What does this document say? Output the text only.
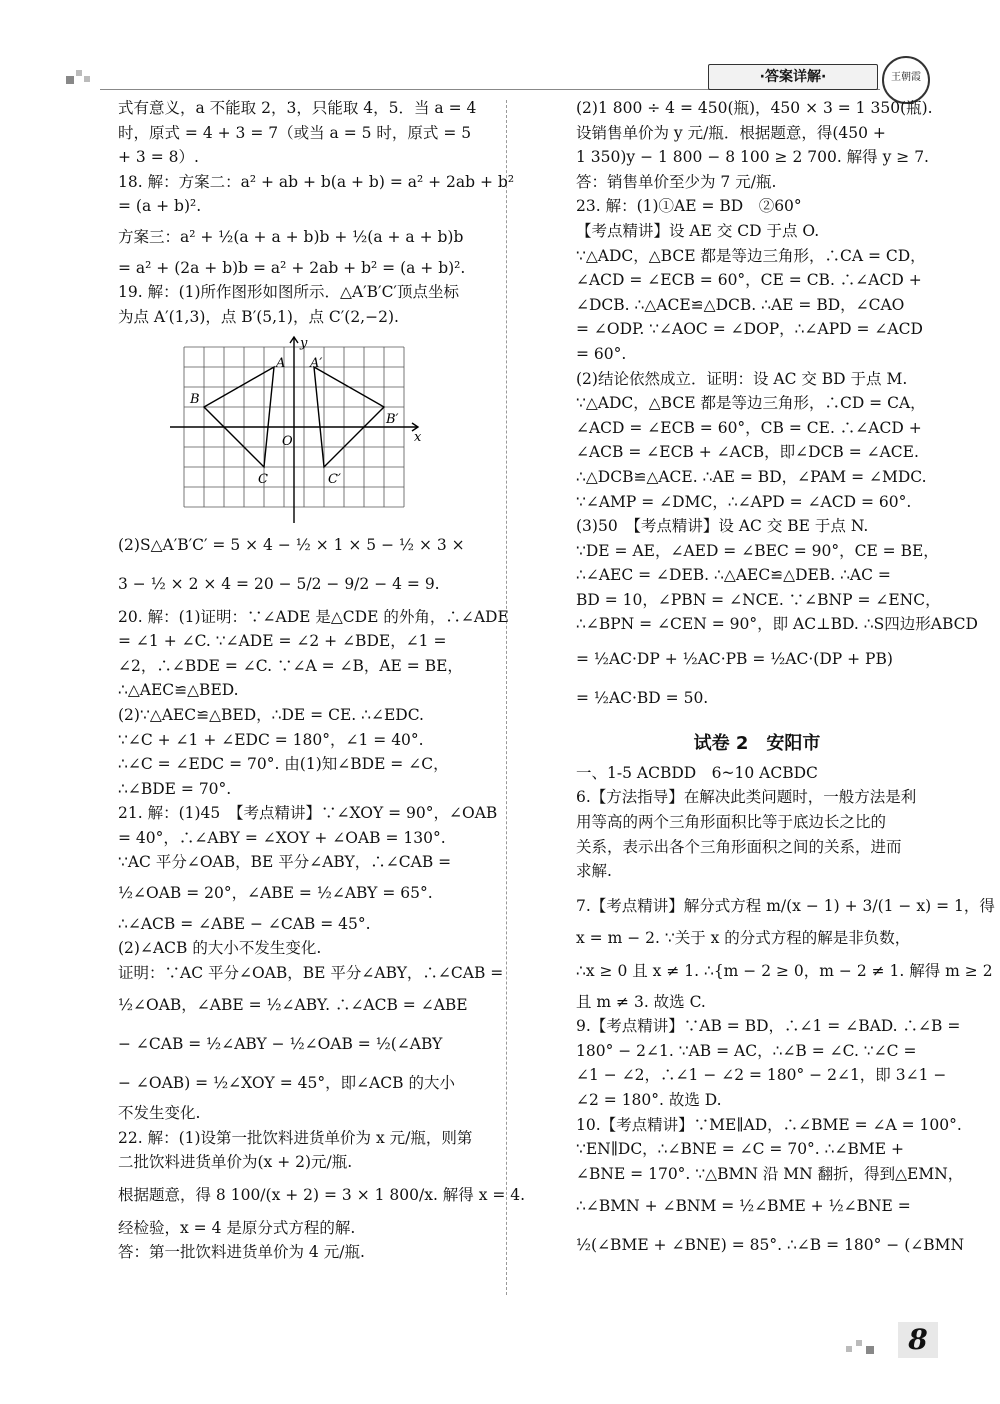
·答案详解·	王朝霞
式有意义，a 不能取 2，3，只能取 4，5．当 a = 4
时，原式 = 4 + 3 = 7（或当 a = 5 时，原式 = 5
+ 3 = 8）.
18. 解：方案二：a² + ab + b(a + b) = a² + 2ab + b²
= (a + b)².
方案三：a² + ½(a + a + b)b + ½(a + a + b)b
= a² + (2a + b)b = a² + 2ab + b² = (a + b)².
19. 解：(1)所作图形如图所示．△A′B′C′顶点坐标
为点 A′(1,3)，点 B′(5,1)，点 C′(2,−2).
x
y
O
A
B
C
A′
B′
C′
(2)S△A′B′C′ = 5 × 4 − ½ × 1 × 5 − ½ × 3 ×
3 − ½ × 2 × 4 = 20 − 5/2 − 9/2 − 4 = 9.
20. 解：(1)证明：∵∠ADE 是△CDE 的外角，∴∠ADE
= ∠1 + ∠C. ∵∠ADE = ∠2 + ∠BDE，∠1 =
∠2，∴∠BDE = ∠C. ∵∠A = ∠B，AE = BE，
∴△AEC≌△BED.
(2)∵△AEC≌△BED，∴DE = CE. ∴∠EDC.
∵∠C + ∠1 + ∠EDC = 180°，∠1 = 40°.
∴∠C = ∠EDC = 70°. 由(1)知∠BDE = ∠C，
∴∠BDE = 70°.
21. 解：(1)45　【考点精讲】∵∠XOY = 90°，∠OAB
= 40°，∴∠ABY = ∠XOY + ∠OAB = 130°.
∵AC 平分∠OAB，BE 平分∠ABY，∴∠CAB =
½∠OAB = 20°，∠ABE = ½∠ABY = 65°.
∴∠ACB = ∠ABE − ∠CAB = 45°.
(2)∠ACB 的大小不发生变化.
证明：∵AC 平分∠OAB，BE 平分∠ABY，∴∠CAB =
½∠OAB，∠ABE = ½∠ABY. ∴∠ACB = ∠ABE
− ∠CAB = ½∠ABY − ½∠OAB = ½(∠ABY
− ∠OAB) = ½∠XOY = 45°，即∠ACB 的大小
不发生变化.
22. 解：(1)设第一批饮料进货单价为 x 元/瓶，则第
二批饮料进货单价为(x + 2)元/瓶.
根据题意，得 8 100/(x + 2) = 3 × 1 800/x. 解得 x = 4.
经检验，x = 4 是原分式方程的解.
答：第一批饮料进货单价为 4 元/瓶.
(2)1 800 ÷ 4 = 450(瓶)，450 × 3 = 1 350(瓶).
设销售单价为 y 元/瓶．根据题意，得(450 +
1 350)y − 1 800 − 8 100 ≥ 2 700. 解得 y ≥ 7.
答：销售单价至少为 7 元/瓶.
23. 解：(1)①AE = BD　②60°
【考点精讲】设 AE 交 CD 于点 O.
∵△ADC，△BCE 都是等边三角形，∴CA = CD，
∠ACD = ∠ECB = 60°，CE = CB. ∴∠ACD +
∠DCB. ∴△ACE≌△DCB. ∴AE = BD，∠CAO
= ∠ODP. ∵∠AOC = ∠DOP，∴∠APD = ∠ACD
= 60°.
(2)结论依然成立．证明：设 AC 交 BD 于点 M.
∵△ADC，△BCE 都是等边三角形，∴CD = CA，
∠ACD = ∠ECB = 60°，CB = CE. ∴∠ACD +
∠ACB = ∠ECB + ∠ACB，即∠DCB = ∠ACE.
∴△DCB≌△ACE. ∴AE = BD，∠PAM = ∠MDC.
∵∠AMP = ∠DMC，∴∠APD = ∠ACD = 60°.
(3)50　【考点精讲】设 AC 交 BE 于点 N.
∵DE = AE，∠AED = ∠BEC = 90°，CE = BE，
∴∠AEC = ∠DEB. ∴△AEC≌△DEB. ∴AC =
BD = 10，∠PBN = ∠NCE. ∵∠BNP = ∠ENC，
∴∠BPN = ∠CEN = 90°，即 AC⊥BD. ∴S四边形ABCD
= ½AC·DP + ½AC·PB = ½AC·(DP + PB)
= ½AC·BD = 50.
试卷 2　安阳市
一、1-5 ACBDD　6~10 ACBDC
6.【方法指导】在解决此类问题时，一般方法是利
用等高的两个三角形面积比等于底边长之比的
关系，表示出各个三角形面积之间的关系，进而
求解.
7.【考点精讲】解分式方程 m/(x − 1) + 3/(1 − x) = 1，得
x = m − 2. ∵关于 x 的分式方程的解是非负数，
∴x ≥ 0 且 x ≠ 1. ∴{m − 2 ≥ 0，m − 2 ≠ 1. 解得 m ≥ 2
且 m ≠ 3. 故选 C.
9.【考点精讲】∵AB = BD，∴∠1 = ∠BAD. ∴∠B =
180° − 2∠1. ∵AB = AC，∴∠B = ∠C. ∵∠C =
∠1 − ∠2，∴∠1 − ∠2 = 180° − 2∠1，即 3∠1 −
∠2 = 180°. 故选 D.
10.【考点精讲】∵ME∥AD，∴∠BME = ∠A = 100°.
∵EN∥DC，∴∠BNE = ∠C = 70°. ∴∠BME +
∠BNE = 170°. ∵△BMN 沿 MN 翻折，得到△EMN，
∴∠BMN + ∠BNM = ½∠BME + ½∠BNE =
½(∠BME + ∠BNE) = 85°. ∴∠B = 180° − (∠BMN
8
